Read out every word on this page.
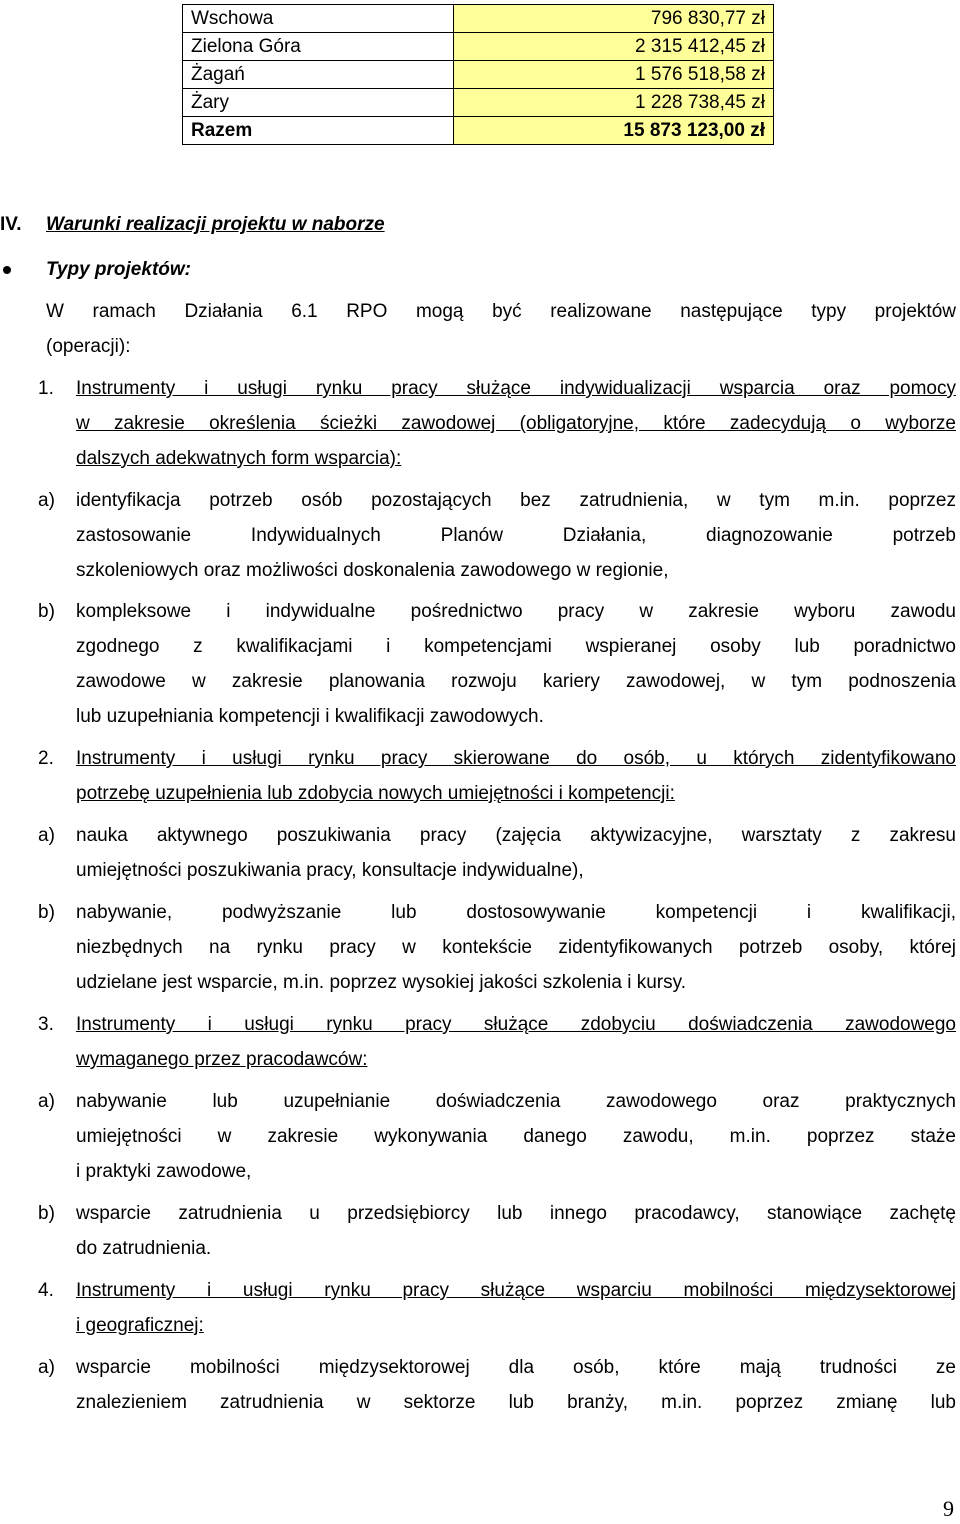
Wschowa	796 830,77 zł
Zielona Góra	2 315 412,45 zł
Żagań	1 576 518,58 zł
Żary	1 228 738,45 zł
Razem	15 873 123,00 zł
IV. Warunki realizacji projektu w naborze
Typy projektów:
W ramach Działania 6.1 RPO mogą być realizowane następujące typy projektów
(operacji):
1. Instrumenty i usługi rynku pracy służące indywidualizacji wsparcia oraz pomocy
w zakresie określenia ścieżki zawodowej (obligatoryjne, które zadecydują o wyborze
dalszych adekwatnych form wsparcia):
a) identyfikacja potrzeb osób pozostających bez zatrudnienia, w tym m.in. poprzez
zastosowanie Indywidualnych Planów Działania, diagnozowanie potrzeb
szkoleniowych oraz możliwości doskonalenia zawodowego w regionie,
b) kompleksowe i indywidualne pośrednictwo pracy w zakresie wyboru zawodu
zgodnego z kwalifikacjami i kompetencjami wspieranej osoby lub poradnictwo
zawodowe w zakresie planowania rozwoju kariery zawodowej, w tym podnoszenia
lub uzupełniania kompetencji i kwalifikacji zawodowych.
2. Instrumenty i usługi rynku pracy skierowane do osób, u których zidentyfikowano
potrzebę uzupełnienia lub zdobycia nowych umiejętności i kompetencji:
a) nauka aktywnego poszukiwania pracy (zajęcia aktywizacyjne, warsztaty z zakresu
umiejętności poszukiwania pracy, konsultacje indywidualne),
b) nabywanie, podwyższanie lub dostosowywanie kompetencji i kwalifikacji,
niezbędnych na rynku pracy w kontekście zidentyfikowanych potrzeb osoby, której
udzielane jest wsparcie, m.in. poprzez wysokiej jakości szkolenia i kursy.
3. Instrumenty i usługi rynku pracy służące zdobyciu doświadczenia zawodowego
wymaganego przez pracodawców:
a) nabywanie lub uzupełnianie doświadczenia zawodowego oraz praktycznych
umiejętności w zakresie wykonywania danego zawodu, m.in. poprzez staże
i praktyki zawodowe,
b) wsparcie zatrudnienia u przedsiębiorcy lub innego pracodawcy, stanowiące zachętę
do zatrudnienia.
4. Instrumenty i usługi rynku pracy służące wsparciu mobilności międzysektorowej
i geograficznej:
a) wsparcie mobilności międzysektorowej dla osób, które mają trudności ze
znalezieniem zatrudnienia w sektorze lub branży, m.in. poprzez zmianę lub
9
